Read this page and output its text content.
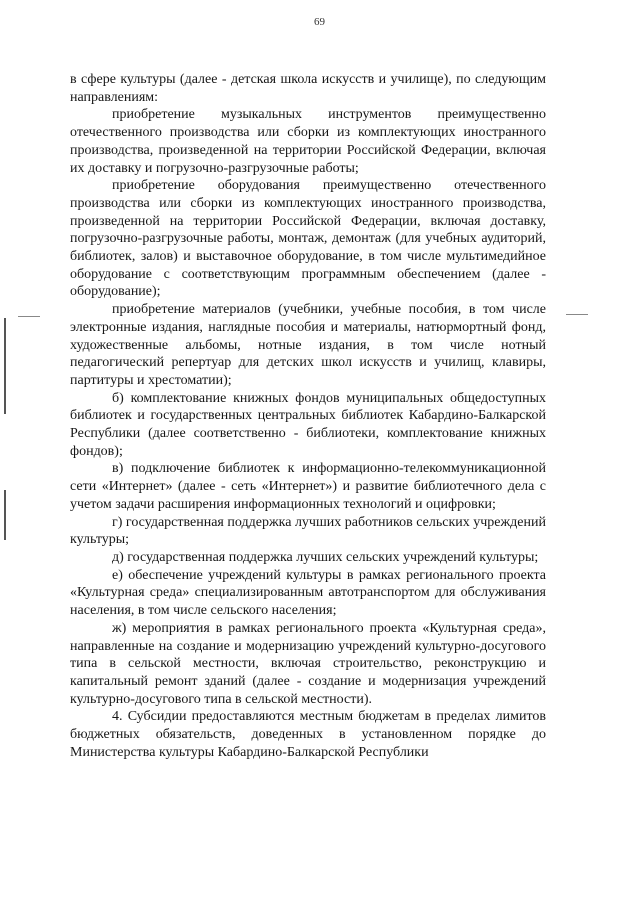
69

в сфере культуры (далее - детская школа искусств и училище), по следующим направлениям:

приобретение музыкальных инструментов преимущественно отечественного производства или сборки из комплектующих иностранного производства, произведенной на территории Российской Федерации, включая их доставку и погрузочно-разгрузочные работы;

приобретение оборудования преимущественно отечественного производства или сборки из комплектующих иностранного производства, произведенной на территории Российской Федерации, включая доставку, погрузочно-разгрузочные работы, монтаж, демонтаж (для учебных аудиторий, библиотек, залов) и выставочное оборудование, в том числе мультимедийное оборудование с соответствующим программным обеспечением (далее - оборудование);

приобретение материалов (учебники, учебные пособия, в том числе электронные издания, наглядные пособия и материалы, натюрмортный фонд, художественные альбомы, нотные издания, в том числе нотный педагогический репертуар для детских школ искусств и училищ, клавиры, партитуры и хрестоматии);

б) комплектование книжных фондов муниципальных общедоступных библиотек и государственных центральных библиотек Кабардино-Балкарской Республики (далее соответственно - библиотеки, комплектование книжных фондов);

в) подключение библиотек к информационно-телекоммуникационной сети «Интернет» (далее - сеть «Интернет») и развитие библиотечного дела с учетом задачи расширения информационных технологий и оцифровки;

г) государственная поддержка лучших работников сельских учреждений культуры;

д) государственная поддержка лучших сельских учреждений культуры;

е) обеспечение учреждений культуры в рамках регионального проекта «Культурная среда» специализированным автотранспортом для обслуживания населения, в том числе сельского населения;

ж) мероприятия в рамках регионального проекта «Культурная среда», направленные на создание и модернизацию учреждений культурно-досугового типа в сельской местности, включая строительство, реконструкцию и капитальный ремонт зданий (далее - создание и модернизация учреждений культурно-досугового типа в сельской местности).

4. Субсидии предоставляются местным бюджетам в пределах лимитов бюджетных обязательств, доведенных в установленном порядке до Министерства культуры Кабардино-Балкарской Республики
